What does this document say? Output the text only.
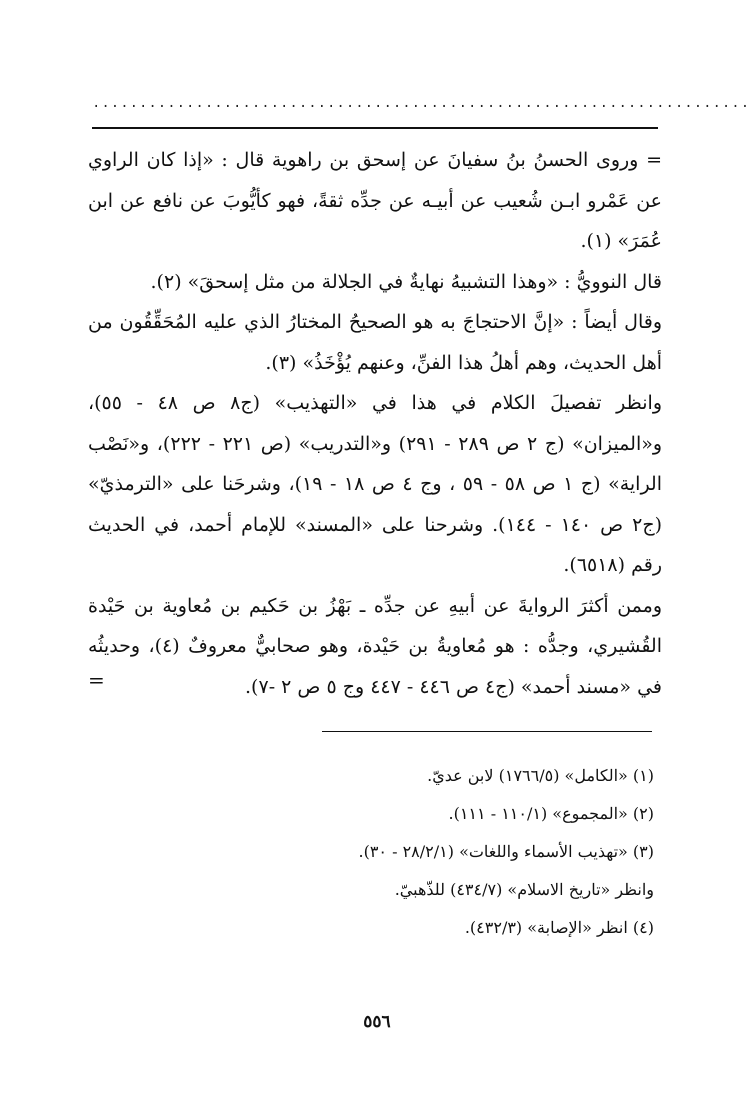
......................................................................

= وروى الحسنُ بنُ سفيانَ عن إسحق بن راهوية قال : «إذا كان الراوي عن عَمْرو ابـن شُعيب عن أبيـه عن جدِّه ثقةً، فهو كأيُّوبَ عن نافع عن ابن عُمَرَ» (١).

قال النوويُّ : «وهذا التشبيهُ نهايةٌ في الجلالة من مثل إسحقَ» (٢).

وقال أيضاً : «إنَّ الاحتجاجَ به هو الصحيحُ المختارُ الذي عليه المُحَقِّقُون من أهل الحديث، وهم أهلُ هذا الفنِّ، وعنهم يُؤْخَذُ» (٣).

وانظر تفصيلَ الكلام في هذا في «التهذيب» (ج٨ ص ٤٨ - ٥٥)، و«الميزان» (ج ٢ ص ٢٨٩ - ٢٩١) و«التدريب» (ص ٢٢١ - ٢٢٢)، و«نَصْب الراية» (ج ١ ص ٥٨ - ٥٩ ، وج ٤ ص ١٨ - ١٩)، وشرحَنا على «الترمذيّ» (ج٢ ص ١٤٠ - ١٤٤). وشرحنا على «المسند» للإمام أحمد، في الحديث رقم (٦٥١٨).

وممن أكثرَ الروايةَ عن أبيهِ عن جدِّه ـ بَهْزُ بن حَكيم بن مُعاوية بن حَيْدة القُشيري، وجدُّه : هو مُعاويةُ بن حَيْدة، وهو صحابيٌّ معروفٌ (٤)، وحديثُه في «مسند أحمد» (ج٤ ص ٤٤٦ - ٤٤٧ وج ٥ ص ٢ -٧).

=

(١) «الكامل» (١٧٦٦/٥) لابن عديّ.

(٢) «المجموع» (١١٠/١ - ١١١).

(٣) «تهذيب الأسماء واللغات» (٢٨/٢/١ - ٣٠).

وانظر «تاريخ الاسلام» (٤٣٤/٧) للذّهبيّ.

(٤) انظر «الإصابة» (٤٣٢/٣).

٥٥٦
